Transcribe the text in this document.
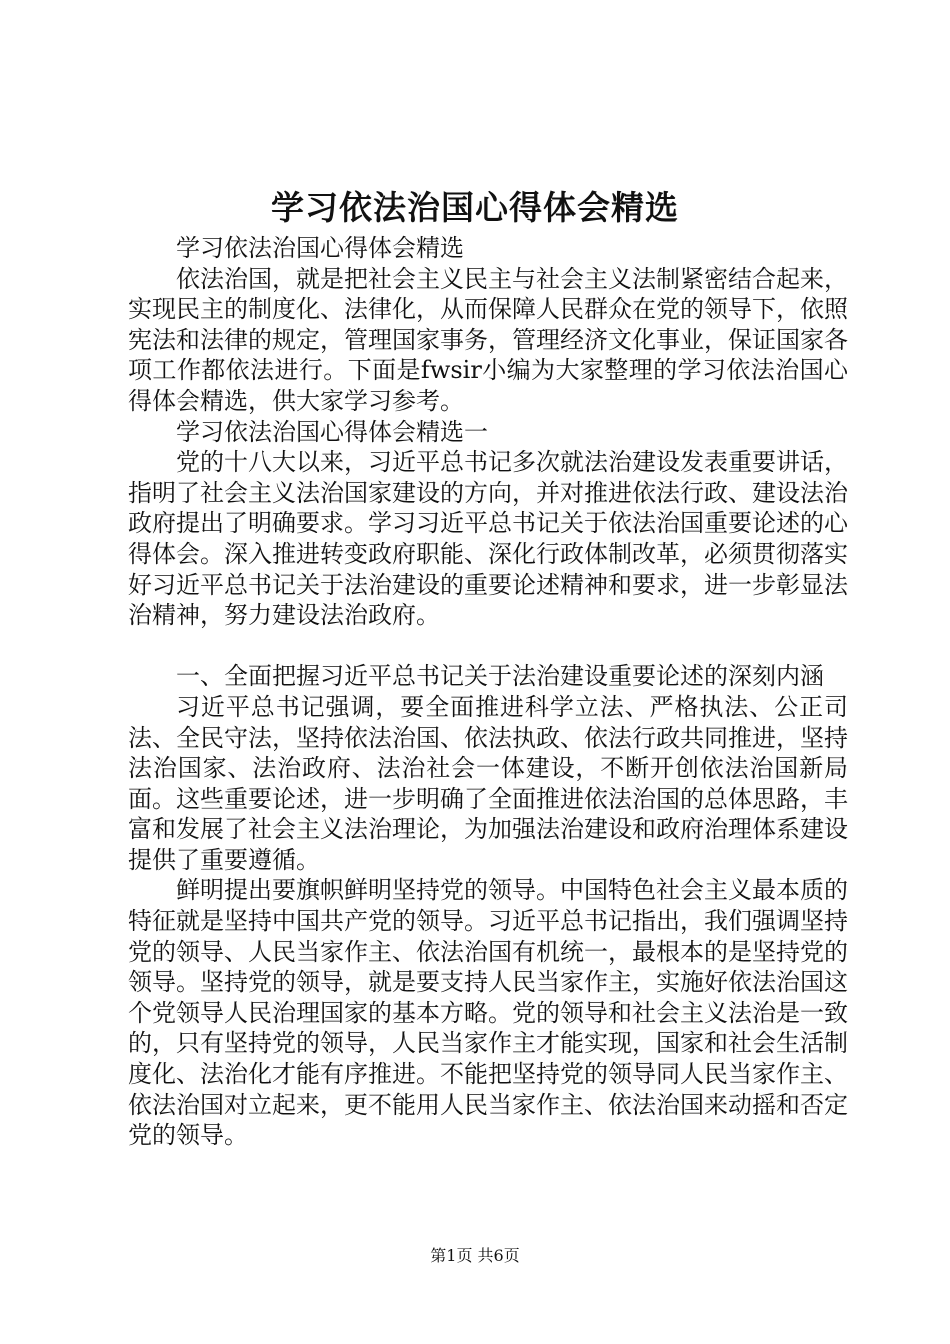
学习依法治国心得体会精选

学习依法治国心得体会精选

依法治国，就是把社会主义民主与社会主义法制紧密结合起来，实现民主的制度化、法律化，从而保障人民群众在党的领导下，依照宪法和法律的规定，管理国家事务，管理经济文化事业，保证国家各项工作都依法进行。下面是fwsir小编为大家整理的学习依法治国心得体会精选，供大家学习参考。

学习依法治国心得体会精选一

党的十八大以来，习近平总书记多次就法治建设发表重要讲话，指明了社会主义法治国家建设的方向，并对推进依法行政、建设法治政府提出了明确要求。学习习近平总书记关于依法治国重要论述的心得体会。深入推进转变政府职能、深化行政体制改革，必须贯彻落实好习近平总书记关于法治建设的重要论述精神和要求，进一步彰显法治精神，努力建设法治政府。

一、全面把握习近平总书记关于法治建设重要论述的深刻内涵

习近平总书记强调，要全面推进科学立法、严格执法、公正司法、全民守法，坚持依法治国、依法执政、依法行政共同推进，坚持法治国家、法治政府、法治社会一体建设，不断开创依法治国新局面。这些重要论述，进一步明确了全面推进依法治国的总体思路，丰富和发展了社会主义法治理论，为加强法治建设和政府治理体系建设提供了重要遵循。

鲜明提出要旗帜鲜明坚持党的领导。中国特色社会主义最本质的特征就是坚持中国共产党的领导。习近平总书记指出，我们强调坚持党的领导、人民当家作主、依法治国有机统一，最根本的是坚持党的领导。坚持党的领导，就是要支持人民当家作主，实施好依法治国这个党领导人民治理国家的基本方略。党的领导和社会主义法治是一致的，只有坚持党的领导，人民当家作主才能实现，国家和社会生活制度化、法治化才能有序推进。不能把坚持党的领导同人民当家作主、依法治国对立起来，更不能用人民当家作主、依法治国来动摇和否定党的领导。

第1页 共6页
